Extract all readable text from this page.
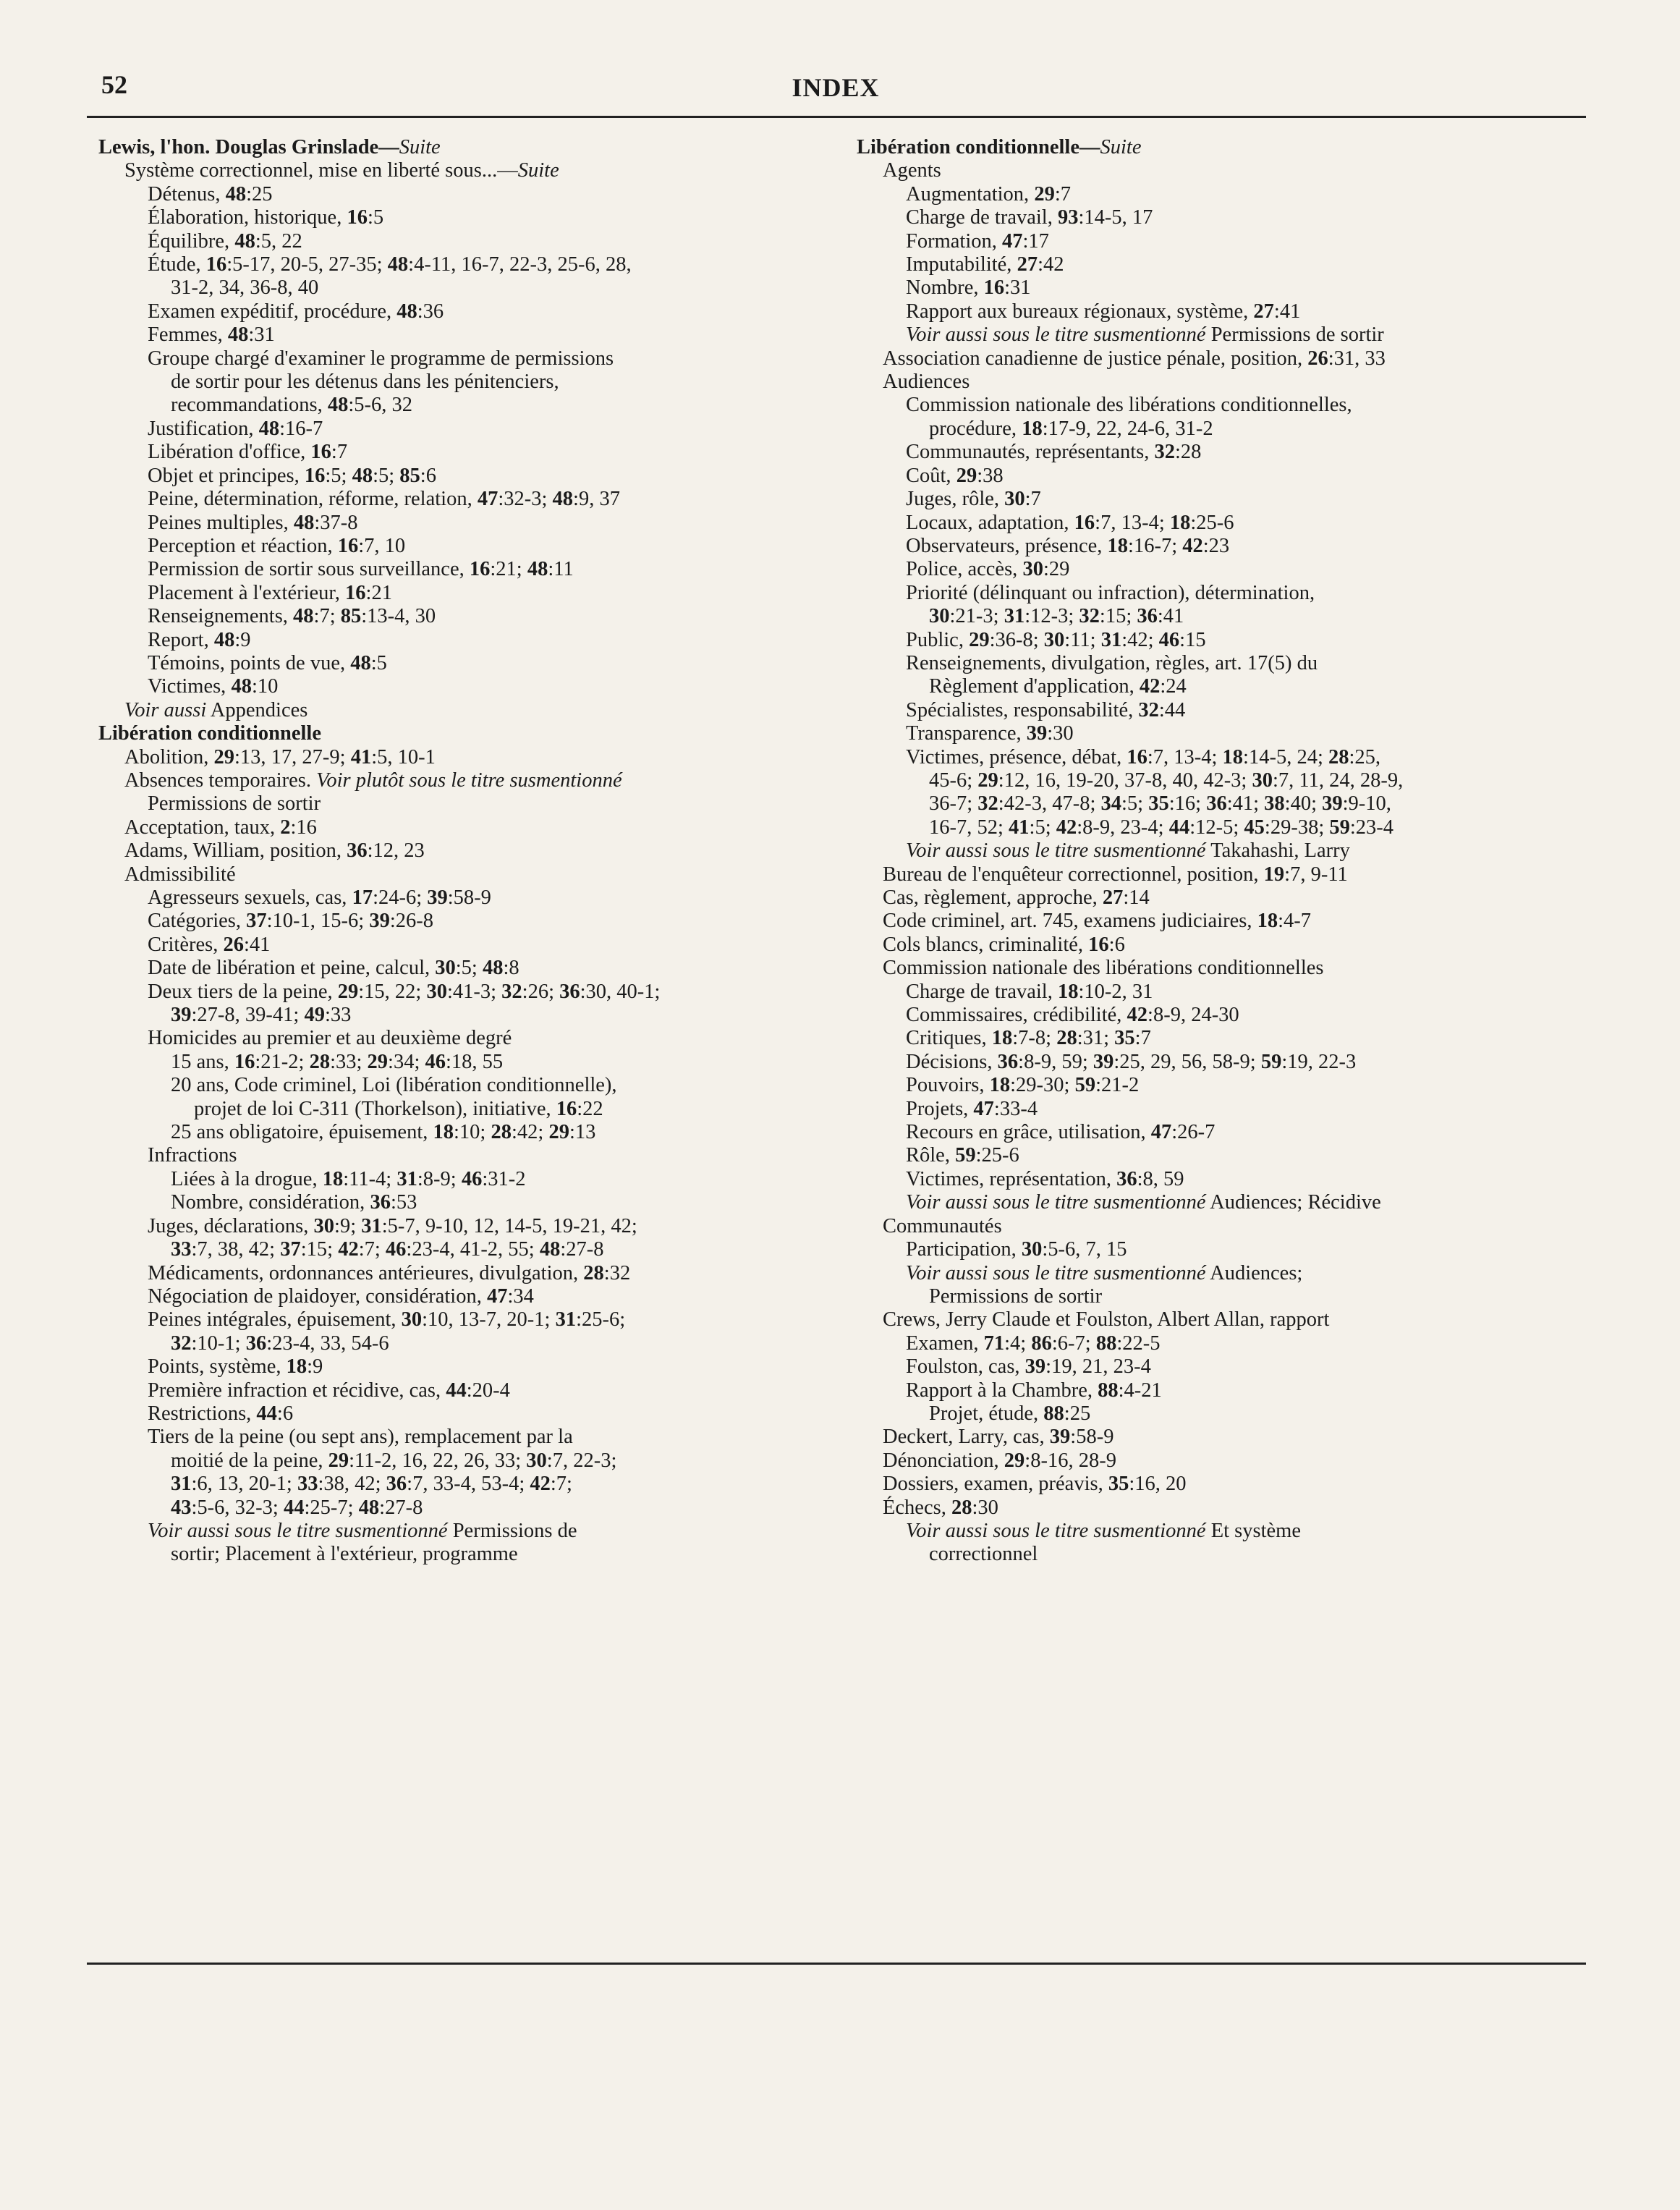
52	INDEX
Lewis, l'hon. Douglas Grinslade—Suite
Système correctionnel, mise en liberté sous...—Suite
Détenus, 48:25
Élaboration, historique, 16:5
Équilibre, 48:5, 22
Étude, 16:5-17, 20-5, 27-35; 48:4-11, 16-7, 22-3, 25-6, 28,
31-2, 34, 36-8, 40
Examen expéditif, procédure, 48:36
Femmes, 48:31
Groupe chargé d'examiner le programme de permissions
de sortir pour les détenus dans les pénitenciers,
recommandations, 48:5-6, 32
Justification, 48:16-7
Libération d'office, 16:7
Objet et principes, 16:5; 48:5; 85:6
Peine, détermination, réforme, relation, 47:32-3; 48:9, 37
Peines multiples, 48:37-8
Perception et réaction, 16:7, 10
Permission de sortir sous surveillance, 16:21; 48:11
Placement à l'extérieur, 16:21
Renseignements, 48:7; 85:13-4, 30
Report, 48:9
Témoins, points de vue, 48:5
Victimes, 48:10
Voir aussi Appendices
Libération conditionnelle
Abolition, 29:13, 17, 27-9; 41:5, 10-1
Absences temporaires. Voir plutôt sous le titre susmentionné
Permissions de sortir
Acceptation, taux, 2:16
Adams, William, position, 36:12, 23
Admissibilité
Agresseurs sexuels, cas, 17:24-6; 39:58-9
Catégories, 37:10-1, 15-6; 39:26-8
Critères, 26:41
Date de libération et peine, calcul, 30:5; 48:8
Deux tiers de la peine, 29:15, 22; 30:41-3; 32:26; 36:30, 40-1;
39:27-8, 39-41; 49:33
Homicides au premier et au deuxième degré
15 ans, 16:21-2; 28:33; 29:34; 46:18, 55
20 ans, Code criminel, Loi (libération conditionnelle),
projet de loi C-311 (Thorkelson), initiative, 16:22
25 ans obligatoire, épuisement, 18:10; 28:42; 29:13
Infractions
Liées à la drogue, 18:11-4; 31:8-9; 46:31-2
Nombre, considération, 36:53
Juges, déclarations, 30:9; 31:5-7, 9-10, 12, 14-5, 19-21, 42;
33:7, 38, 42; 37:15; 42:7; 46:23-4, 41-2, 55; 48:27-8
Médicaments, ordonnances antérieures, divulgation, 28:32
Négociation de plaidoyer, considération, 47:34
Peines intégrales, épuisement, 30:10, 13-7, 20-1; 31:25-6;
32:10-1; 36:23-4, 33, 54-6
Points, système, 18:9
Première infraction et récidive, cas, 44:20-4
Restrictions, 44:6
Tiers de la peine (ou sept ans), remplacement par la
moitié de la peine, 29:11-2, 16, 22, 26, 33; 30:7, 22-3;
31:6, 13, 20-1; 33:38, 42; 36:7, 33-4, 53-4; 42:7;
43:5-6, 32-3; 44:25-7; 48:27-8
Voir aussi sous le titre susmentionné Permissions de
sortir; Placement à l'extérieur, programme
Libération conditionnelle—Suite
Agents
Augmentation, 29:7
Charge de travail, 93:14-5, 17
Formation, 47:17
Imputabilité, 27:42
Nombre, 16:31
Rapport aux bureaux régionaux, système, 27:41
Voir aussi sous le titre susmentionné Permissions de sortir
Association canadienne de justice pénale, position, 26:31, 33
Audiences
Commission nationale des libérations conditionnelles,
procédure, 18:17-9, 22, 24-6, 31-2
Communautés, représentants, 32:28
Coût, 29:38
Juges, rôle, 30:7
Locaux, adaptation, 16:7, 13-4; 18:25-6
Observateurs, présence, 18:16-7; 42:23
Police, accès, 30:29
Priorité (délinquant ou infraction), détermination,
30:21-3; 31:12-3; 32:15; 36:41
Public, 29:36-8; 30:11; 31:42; 46:15
Renseignements, divulgation, règles, art. 17(5) du
Règlement d'application, 42:24
Spécialistes, responsabilité, 32:44
Transparence, 39:30
Victimes, présence, débat, 16:7, 13-4; 18:14-5, 24; 28:25,
45-6; 29:12, 16, 19-20, 37-8, 40, 42-3; 30:7, 11, 24, 28-9,
36-7; 32:42-3, 47-8; 34:5; 35:16; 36:41; 38:40; 39:9-10,
16-7, 52; 41:5; 42:8-9, 23-4; 44:12-5; 45:29-38; 59:23-4
Voir aussi sous le titre susmentionné Takahashi, Larry
Bureau de l'enquêteur correctionnel, position, 19:7, 9-11
Cas, règlement, approche, 27:14
Code criminel, art. 745, examens judiciaires, 18:4-7
Cols blancs, criminalité, 16:6
Commission nationale des libérations conditionnelles
Charge de travail, 18:10-2, 31
Commissaires, crédibilité, 42:8-9, 24-30
Critiques, 18:7-8; 28:31; 35:7
Décisions, 36:8-9, 59; 39:25, 29, 56, 58-9; 59:19, 22-3
Pouvoirs, 18:29-30; 59:21-2
Projets, 47:33-4
Recours en grâce, utilisation, 47:26-7
Rôle, 59:25-6
Victimes, représentation, 36:8, 59
Voir aussi sous le titre susmentionné Audiences; Récidive
Communautés
Participation, 30:5-6, 7, 15
Voir aussi sous le titre susmentionné Audiences;
Permissions de sortir
Crews, Jerry Claude et Foulston, Albert Allan, rapport
Examen, 71:4; 86:6-7; 88:22-5
Foulston, cas, 39:19, 21, 23-4
Rapport à la Chambre, 88:4-21
Projet, étude, 88:25
Deckert, Larry, cas, 39:58-9
Dénonciation, 29:8-16, 28-9
Dossiers, examen, préavis, 35:16, 20
Échecs, 28:30
Voir aussi sous le titre susmentionné Et système
correctionnel
